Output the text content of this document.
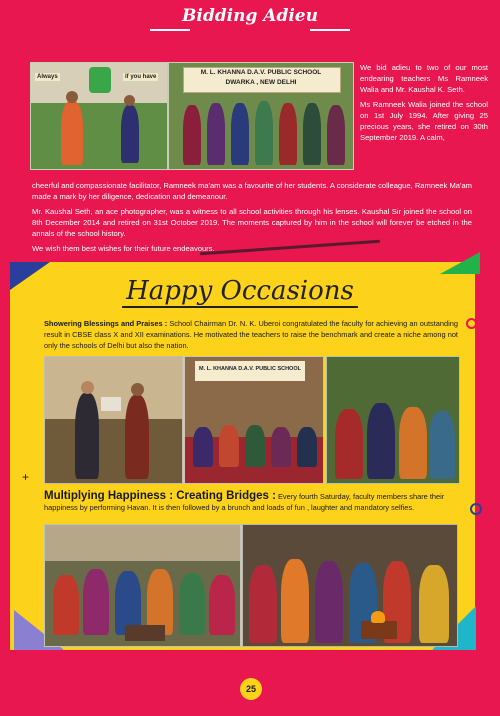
Bidding Adieu
Always	if you have
M. L. KHANNA D.A.V. PUBLIC SCHOOL
DWARKA , NEW DELHI

We bid adieu to two of our most endearing teachers Ms Ramneek Walia and Mr. Kaushal K. Seth.

Ms Ramneek Walia joined the school on 1st July 1994. After giving 25 precious years, she retired on 30th September 2019. A calm,

cheerful and compassionate facilitator, Ramneek ma'am was a favourite of her students. A considerate colleague, Ramneek Ma'am made a mark by her diligence, dedication and demeanour.

Mr. Kaushal Seth, an ace photographer, was a witness to all school activities through his lenses. Kaushal Sir joined the school on 8th December 2014 and retired on 31st October 2019. The moments captured by him in the school will forever be etched in the annals of the school history.

We wish them best wishes for their future endeavours.

+
Happy Occasions
Showering Blessings and Praises : School Chairman Dr. N. K. Uberoi congratulated the faculty for achieving an outstanding result in CBSE class X and XII examinations. He motivated the teachers to raise the benchmark and create a niche among not only the schools of Delhi but also the nation.
M. L. KHANNA D.A.V. PUBLIC SCHOOL
Multiplying Happiness : Creating Bridges : Every fourth Saturday, faculty members share their happiness by performing Havan. It is then followed by a brunch and loads of fun , laughter and mandatory selfies.
25
